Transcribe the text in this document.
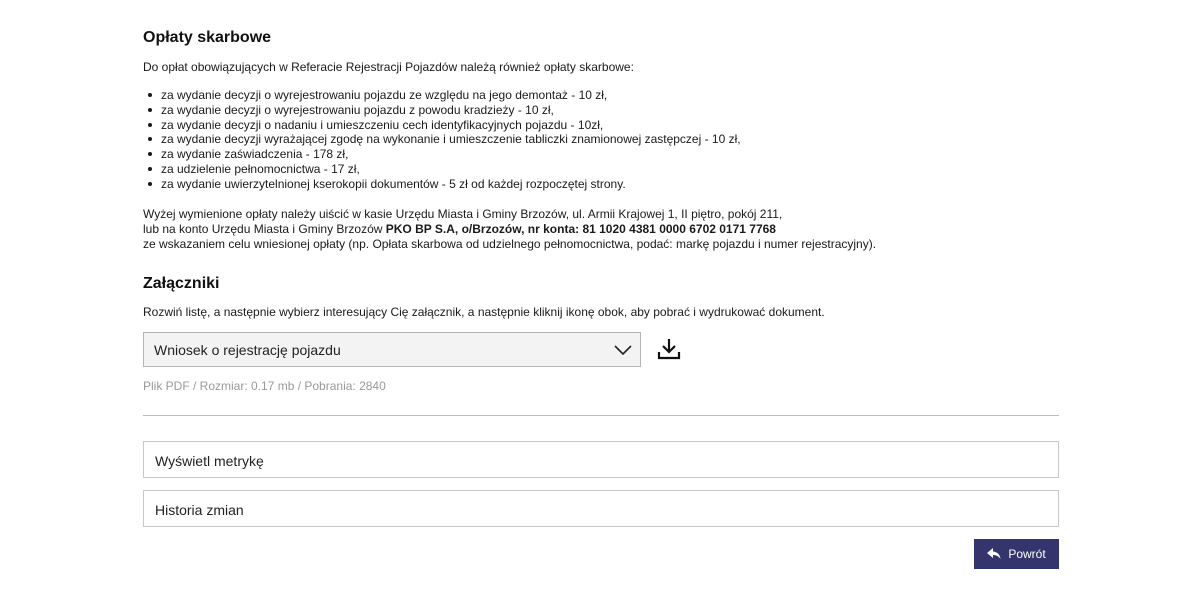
Opłaty skarbowe
Do opłat obowiązujących w Referacie Rejestracji Pojazdów należą również opłaty skarbowe:
za wydanie decyzji o wyrejestrowaniu pojazdu ze względu na jego demontaż - 10 zł,
za wydanie decyzji o wyrejestrowaniu pojazdu z powodu kradzieży - 10 zł,
za wydanie decyzji o nadaniu i umieszczeniu cech identyfikacyjnych pojazdu - 10zł,
za wydanie decyzji wyrażającej zgodę na wykonanie i umieszczenie tabliczki znamionowej zastępczej - 10 zł,
za wydanie zaświadczenia - 178 zł,
za udzielenie pełnomocnictwa - 17 zł,
za wydanie uwierzytelnionej kserokopii dokumentów - 5 zł od każdej rozpoczętej strony.
Wyżej wymienione opłaty należy uiścić w kasie Urzędu Miasta i Gminy Brzozów, ul. Armii Krajowej 1, II piętro, pokój 211,
lub na konto Urzędu Miasta i Gminy Brzozów PKO BP S.A, o/Brzozów, nr konta: 81 1020 4381 0000 6702 0171 7768
ze wskazaniem celu wniesionej opłaty (np. Opłata skarbowa od udzielnego pełnomocnictwa, podać: markę pojazdu i numer rejestracyjny).
Załączniki
Rozwiń listę, a następnie wybierz interesujący Cię załącznik, a następnie kliknij ikonę obok, aby pobrać i wydrukować dokument.
Wniosek o rejestrację pojazdu
Plik PDF / Rozmiar: 0.17 mb / Pobrania: 2840
Wyświetl metrykę
Historia zmian
Powrót
